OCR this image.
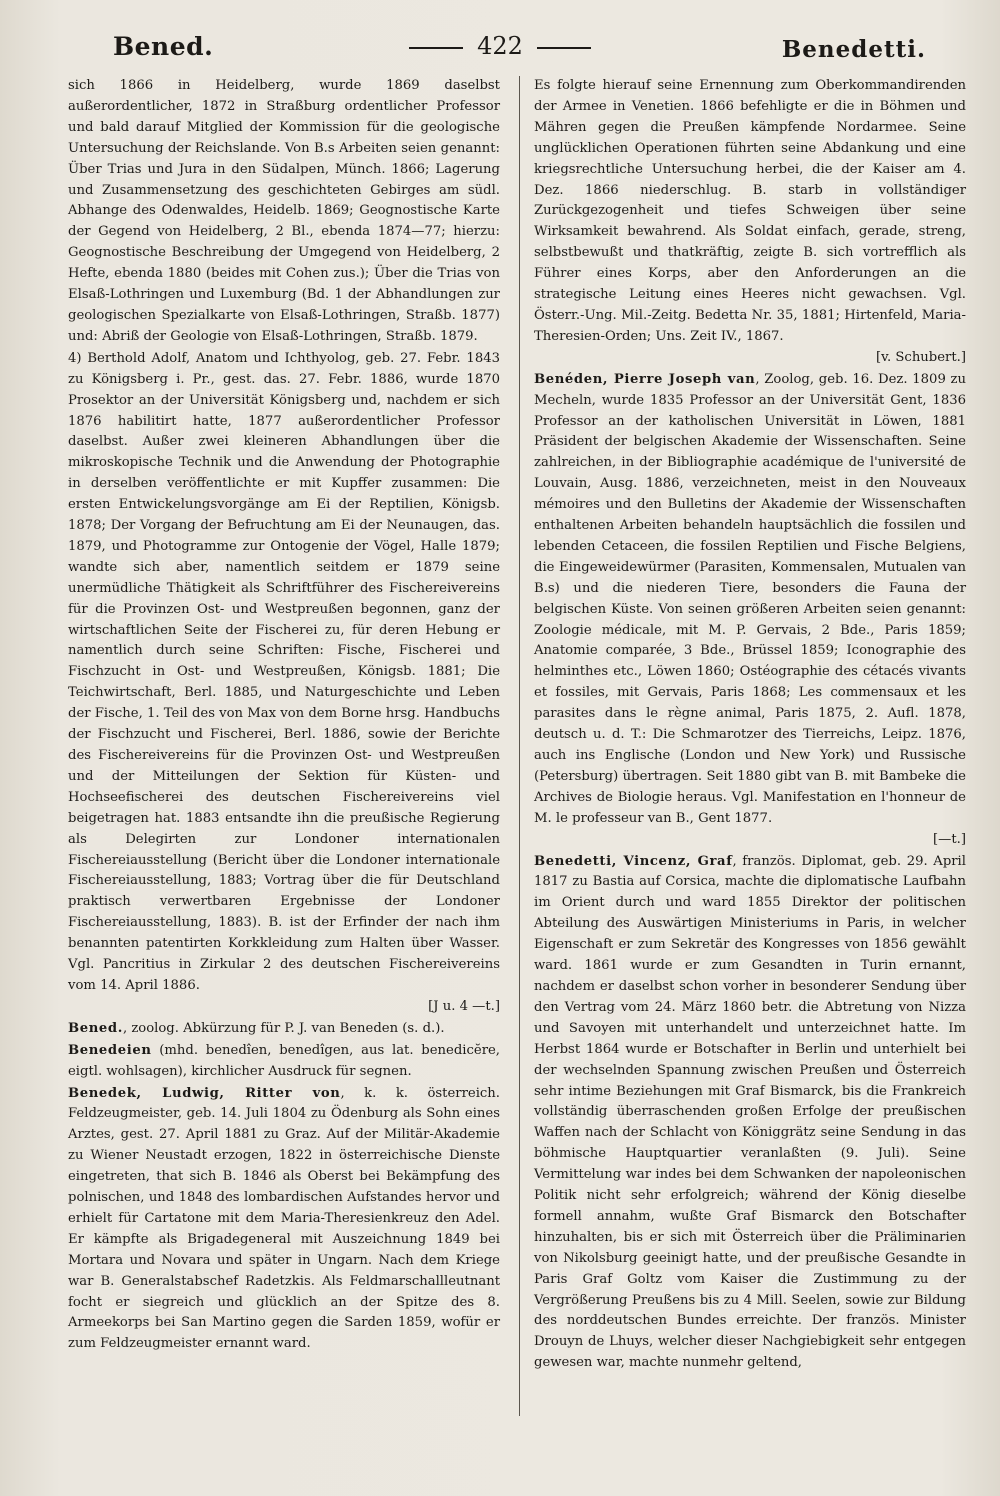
Bened.	422	Benedetti.

sich 1866 in Heidelberg, wurde 1869 daselbst außerordentlicher, 1872 in Straßburg ordentlicher Professor und bald darauf Mitglied der Kommission für die geologische Untersuchung der Reichslande. Von B.s Arbeiten seien genannt: Über Trias und Jura in den Südalpen, Münch. 1866; Lagerung und Zusammensetzung des geschichteten Gebirges am südl. Abhange des Odenwaldes, Heidelb. 1869; Geognostische Karte der Gegend von Heidelberg, 2 Bl., ebenda 1874—77; hierzu: Geognostische Beschreibung der Umgegend von Heidelberg, 2 Hefte, ebenda 1880 (beides mit Cohen zus.); Über die Trias von Elsaß-Lothringen und Luxemburg (Bd. 1 der Abhandlungen zur geologischen Spezialkarte von Elsaß-Lothringen, Straßb. 1877) und: Abriß der Geologie von Elsaß-Lothringen, Straßb. 1879.

4) Berthold Adolf, Anatom und Ichthyolog, geb. 27. Febr. 1843 zu Königsberg i. Pr., gest. das. 27. Febr. 1886, wurde 1870 Prosektor an der Universität Königsberg und, nachdem er sich 1876 habilitirt hatte, 1877 außerordentlicher Professor daselbst. Außer zwei kleineren Abhandlungen über die mikroskopische Technik und die Anwendung der Photographie in derselben veröffentlichte er mit Kupffer zusammen: Die ersten Entwickelungsvorgänge am Ei der Reptilien, Königsb. 1878; Der Vorgang der Befruchtung am Ei der Neunaugen, das. 1879, und Photogramme zur Ontogenie der Vögel, Halle 1879; wandte sich aber, namentlich seitdem er 1879 seine unermüdliche Thätigkeit als Schriftführer des Fischereivereins für die Provinzen Ost- und Westpreußen begonnen, ganz der wirtschaftlichen Seite der Fischerei zu, für deren Hebung er namentlich durch seine Schriften: Fische, Fischerei und Fischzucht in Ost- und Westpreußen, Königsb. 1881; Die Teichwirtschaft, Berl. 1885, und Naturgeschichte und Leben der Fische, 1. Teil des von Max von dem Borne hrsg. Handbuchs der Fischzucht und Fischerei, Berl. 1886, sowie der Berichte des Fischereivereins für die Provinzen Ost- und Westpreußen und der Mitteilungen der Sektion für Küsten- und Hochseefischerei des deutschen Fischereivereins viel beigetragen hat. 1883 entsandte ihn die preußische Regierung als Delegirten zur Londoner internationalen Fischereiausstellung (Bericht über die Londoner internationale Fischereiausstellung, 1883; Vortrag über die für Deutschland praktisch verwertbaren Ergebnisse der Londoner Fischereiausstellung, 1883). B. ist der Erfinder der nach ihm benannten patentirten Korkkleidung zum Halten über Wasser. Vgl. Pancritius in Zirkular 2 des deutschen Fischereivereins vom 14. April 1886.
[J u. 4 —t.]

Bened., zoolog. Abkürzung für P. J. van Beneden (s. d.).

Benedeien (mhd. benedîen, benedîgen, aus lat. benedicĕre, eigtl. wohlsagen), kirchlicher Ausdruck für segnen.

Benedek, Ludwig, Ritter von, k. k. österreich. Feldzeugmeister, geb. 14. Juli 1804 zu Ödenburg als Sohn eines Arztes, gest. 27. April 1881 zu Graz. Auf der Militär-Akademie zu Wiener Neustadt erzogen, 1822 in österreichische Dienste eingetreten, that sich B. 1846 als Oberst bei Bekämpfung des polnischen, und 1848 des lombardischen Aufstandes hervor und erhielt für Cartatone mit dem Maria-Theresienkreuz den Adel. Er kämpfte als Brigadegeneral mit Auszeichnung 1849 bei Mortara und Novara und später in Ungarn. Nach dem Kriege war B. Generalstabschef Radetzkis. Als Feldmarschallleutnant focht er siegreich und glücklich an der Spitze des 8. Armeekorps bei San Martino gegen die Sarden 1859, wofür er zum Feldzeugmeister ernannt ward.

Es folgte hierauf seine Ernennung zum Oberkommandirenden der Armee in Venetien. 1866 befehligte er die in Böhmen und Mähren gegen die Preußen kämpfende Nordarmee. Seine unglücklichen Operationen führten seine Abdankung und eine kriegsrechtliche Untersuchung herbei, die der Kaiser am 4. Dez. 1866 niederschlug. B. starb in vollständiger Zurückgezogenheit und tiefes Schweigen über seine Wirksamkeit bewahrend. Als Soldat einfach, gerade, streng, selbstbewußt und thatkräftig, zeigte B. sich vortrefflich als Führer eines Korps, aber den Anforderungen an die strategische Leitung eines Heeres nicht gewachsen. Vgl. Österr.-Ung. Mil.-Zeitg. Bedetta Nr. 35, 1881; Hirtenfeld, Maria-Theresien-Orden; Uns. Zeit IV., 1867.
[v. Schubert.]

Benéden, Pierre Joseph van, Zoolog, geb. 16. Dez. 1809 zu Mecheln, wurde 1835 Professor an der Universität Gent, 1836 Professor an der katholischen Universität in Löwen, 1881 Präsident der belgischen Akademie der Wissenschaften. Seine zahlreichen, in der Bibliographie académique de l'université de Louvain, Ausg. 1886, verzeichneten, meist in den Nouveaux mémoires und den Bulletins der Akademie der Wissenschaften enthaltenen Arbeiten behandeln hauptsächlich die fossilen und lebenden Cetaceen, die fossilen Reptilien und Fische Belgiens, die Eingeweidewürmer (Parasiten, Kommensalen, Mutualen van B.s) und die niederen Tiere, besonders die Fauna der belgischen Küste. Von seinen größeren Arbeiten seien genannt: Zoologie médicale, mit M. P. Gervais, 2 Bde., Paris 1859; Anatomie comparée, 3 Bde., Brüssel 1859; Iconographie des helminthes etc., Löwen 1860; Ostéographie des cétacés vivants et fossiles, mit Gervais, Paris 1868; Les commensaux et les parasites dans le règne animal, Paris 1875, 2. Aufl. 1878, deutsch u. d. T.: Die Schmarotzer des Tierreichs, Leipz. 1876, auch ins Englische (London und New York) und Russische (Petersburg) übertragen. Seit 1880 gibt van B. mit Bambeke die Archives de Biologie heraus. Vgl. Manifestation en l'honneur de M. le professeur van B., Gent 1877.
[—t.]

Benedetti, Vincenz, Graf, französ. Diplomat, geb. 29. April 1817 zu Bastia auf Corsica, machte die diplomatische Laufbahn im Orient durch und ward 1855 Direktor der politischen Abteilung des Auswärtigen Ministeriums in Paris, in welcher Eigenschaft er zum Sekretär des Kongresses von 1856 gewählt ward. 1861 wurde er zum Gesandten in Turin ernannt, nachdem er daselbst schon vorher in besonderer Sendung über den Vertrag vom 24. März 1860 betr. die Abtretung von Nizza und Savoyen mit unterhandelt und unterzeichnet hatte. Im Herbst 1864 wurde er Botschafter in Berlin und unterhielt bei der wechselnden Spannung zwischen Preußen und Österreich sehr intime Beziehungen mit Graf Bismarck, bis die Frankreich vollständig überraschenden großen Erfolge der preußischen Waffen nach der Schlacht von Königgrätz seine Sendung in das böhmische Hauptquartier veranlaßten (9. Juli). Seine Vermittelung war indes bei dem Schwanken der napoleonischen Politik nicht sehr erfolgreich; während der König dieselbe formell annahm, wußte Graf Bismarck den Botschafter hinzuhalten, bis er sich mit Österreich über die Präliminarien von Nikolsburg geeinigt hatte, und der preußische Gesandte in Paris Graf Goltz vom Kaiser die Zustimmung zu der Vergrößerung Preußens bis zu 4 Mill. Seelen, sowie zur Bildung des norddeutschen Bundes erreichte. Der französ. Minister Drouyn de Lhuys, welcher dieser Nachgiebigkeit sehr entgegen gewesen war, machte nunmehr geltend,
